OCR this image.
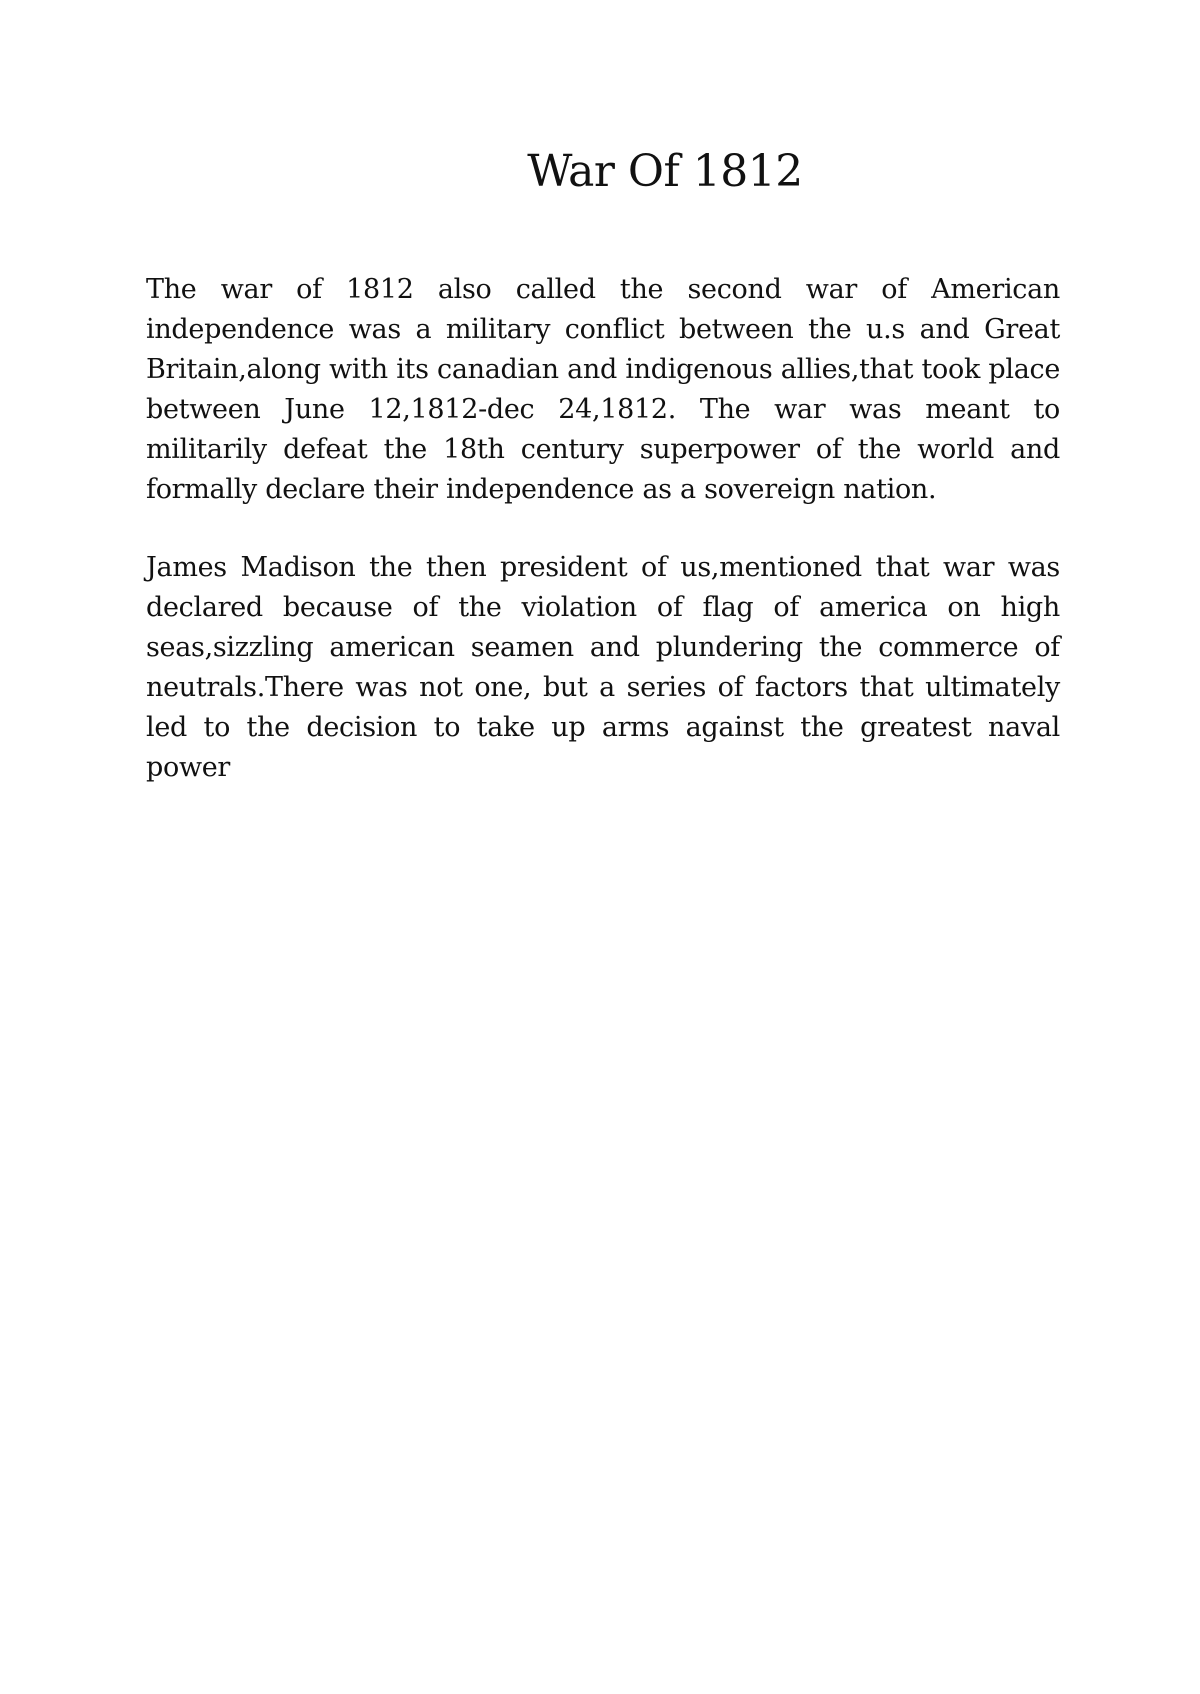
War Of 1812

The war of 1812 also called the second war of American independence was a military conflict between the u.s and Great Britain,along with its canadian and indigenous allies,that took place between June 12,1812-dec 24,1812. The war was meant to militarily defeat the 18th century superpower of the world and formally declare their independence as a sovereign nation.

James Madison the then president of us,mentioned that war was declared because of the violation of flag of america on high seas,sizzling american seamen and plundering the commerce of neutrals.There was not one, but a series of factors that ultimately led to the decision to take up arms against the greatest naval power
